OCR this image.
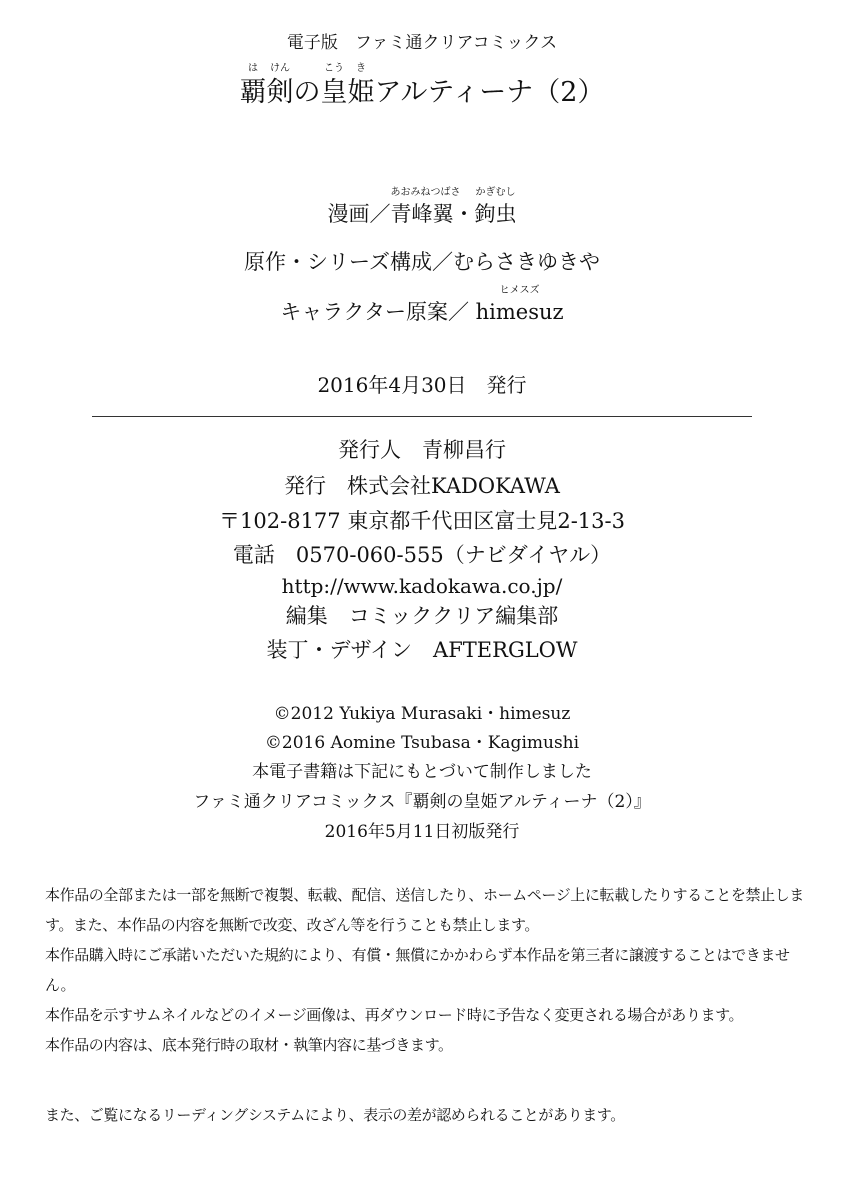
電子版　ファミ通クリアコミックス
は
覇
けん
剣の
こう
皇
き
姫アルティーナ（2）
漫画／
あおみねつばさ
青峰翼・
かぎむし
鉤虫
原作・シリーズ構成／むらさきゆきや
キャラクター原案／
ヒメスズ
himesuz
2016年4月30日　発行
発行人　青柳昌行
発行　株式会社KADOKAWA
〒102-8177 東京都千代田区富士見2-13-3
電話　0570-060-555（ナビダイヤル）
http://www.kadokawa.co.jp/
編集　コミッククリア編集部
装丁・デザイン　AFTERGLOW
©2012 Yukiya Murasaki・himesuz
©2016 Aomine Tsubasa・Kagimushi
本電子書籍は下記にもとづいて制作しました
ファミ通クリアコミックス『覇剣の皇姫アルティーナ（2）』
2016年5月11日初版発行

本作品の全部または一部を無断で複製、転載、配信、送信したり、ホームページ上に転載したりすることを禁止します。また、本作品の内容を無断で改変、改ざん等を行うことも禁止します。

本作品購入時にご承諾いただいた規約により、有償・無償にかかわらず本作品を第三者に譲渡することはできません。

本作品を示すサムネイルなどのイメージ画像は、再ダウンロード時に予告なく変更される場合があります。

本作品の内容は、底本発行時の取材・執筆内容に基づきます。

また、ご覧になるリーディングシステムにより、表示の差が認められることがあります。
